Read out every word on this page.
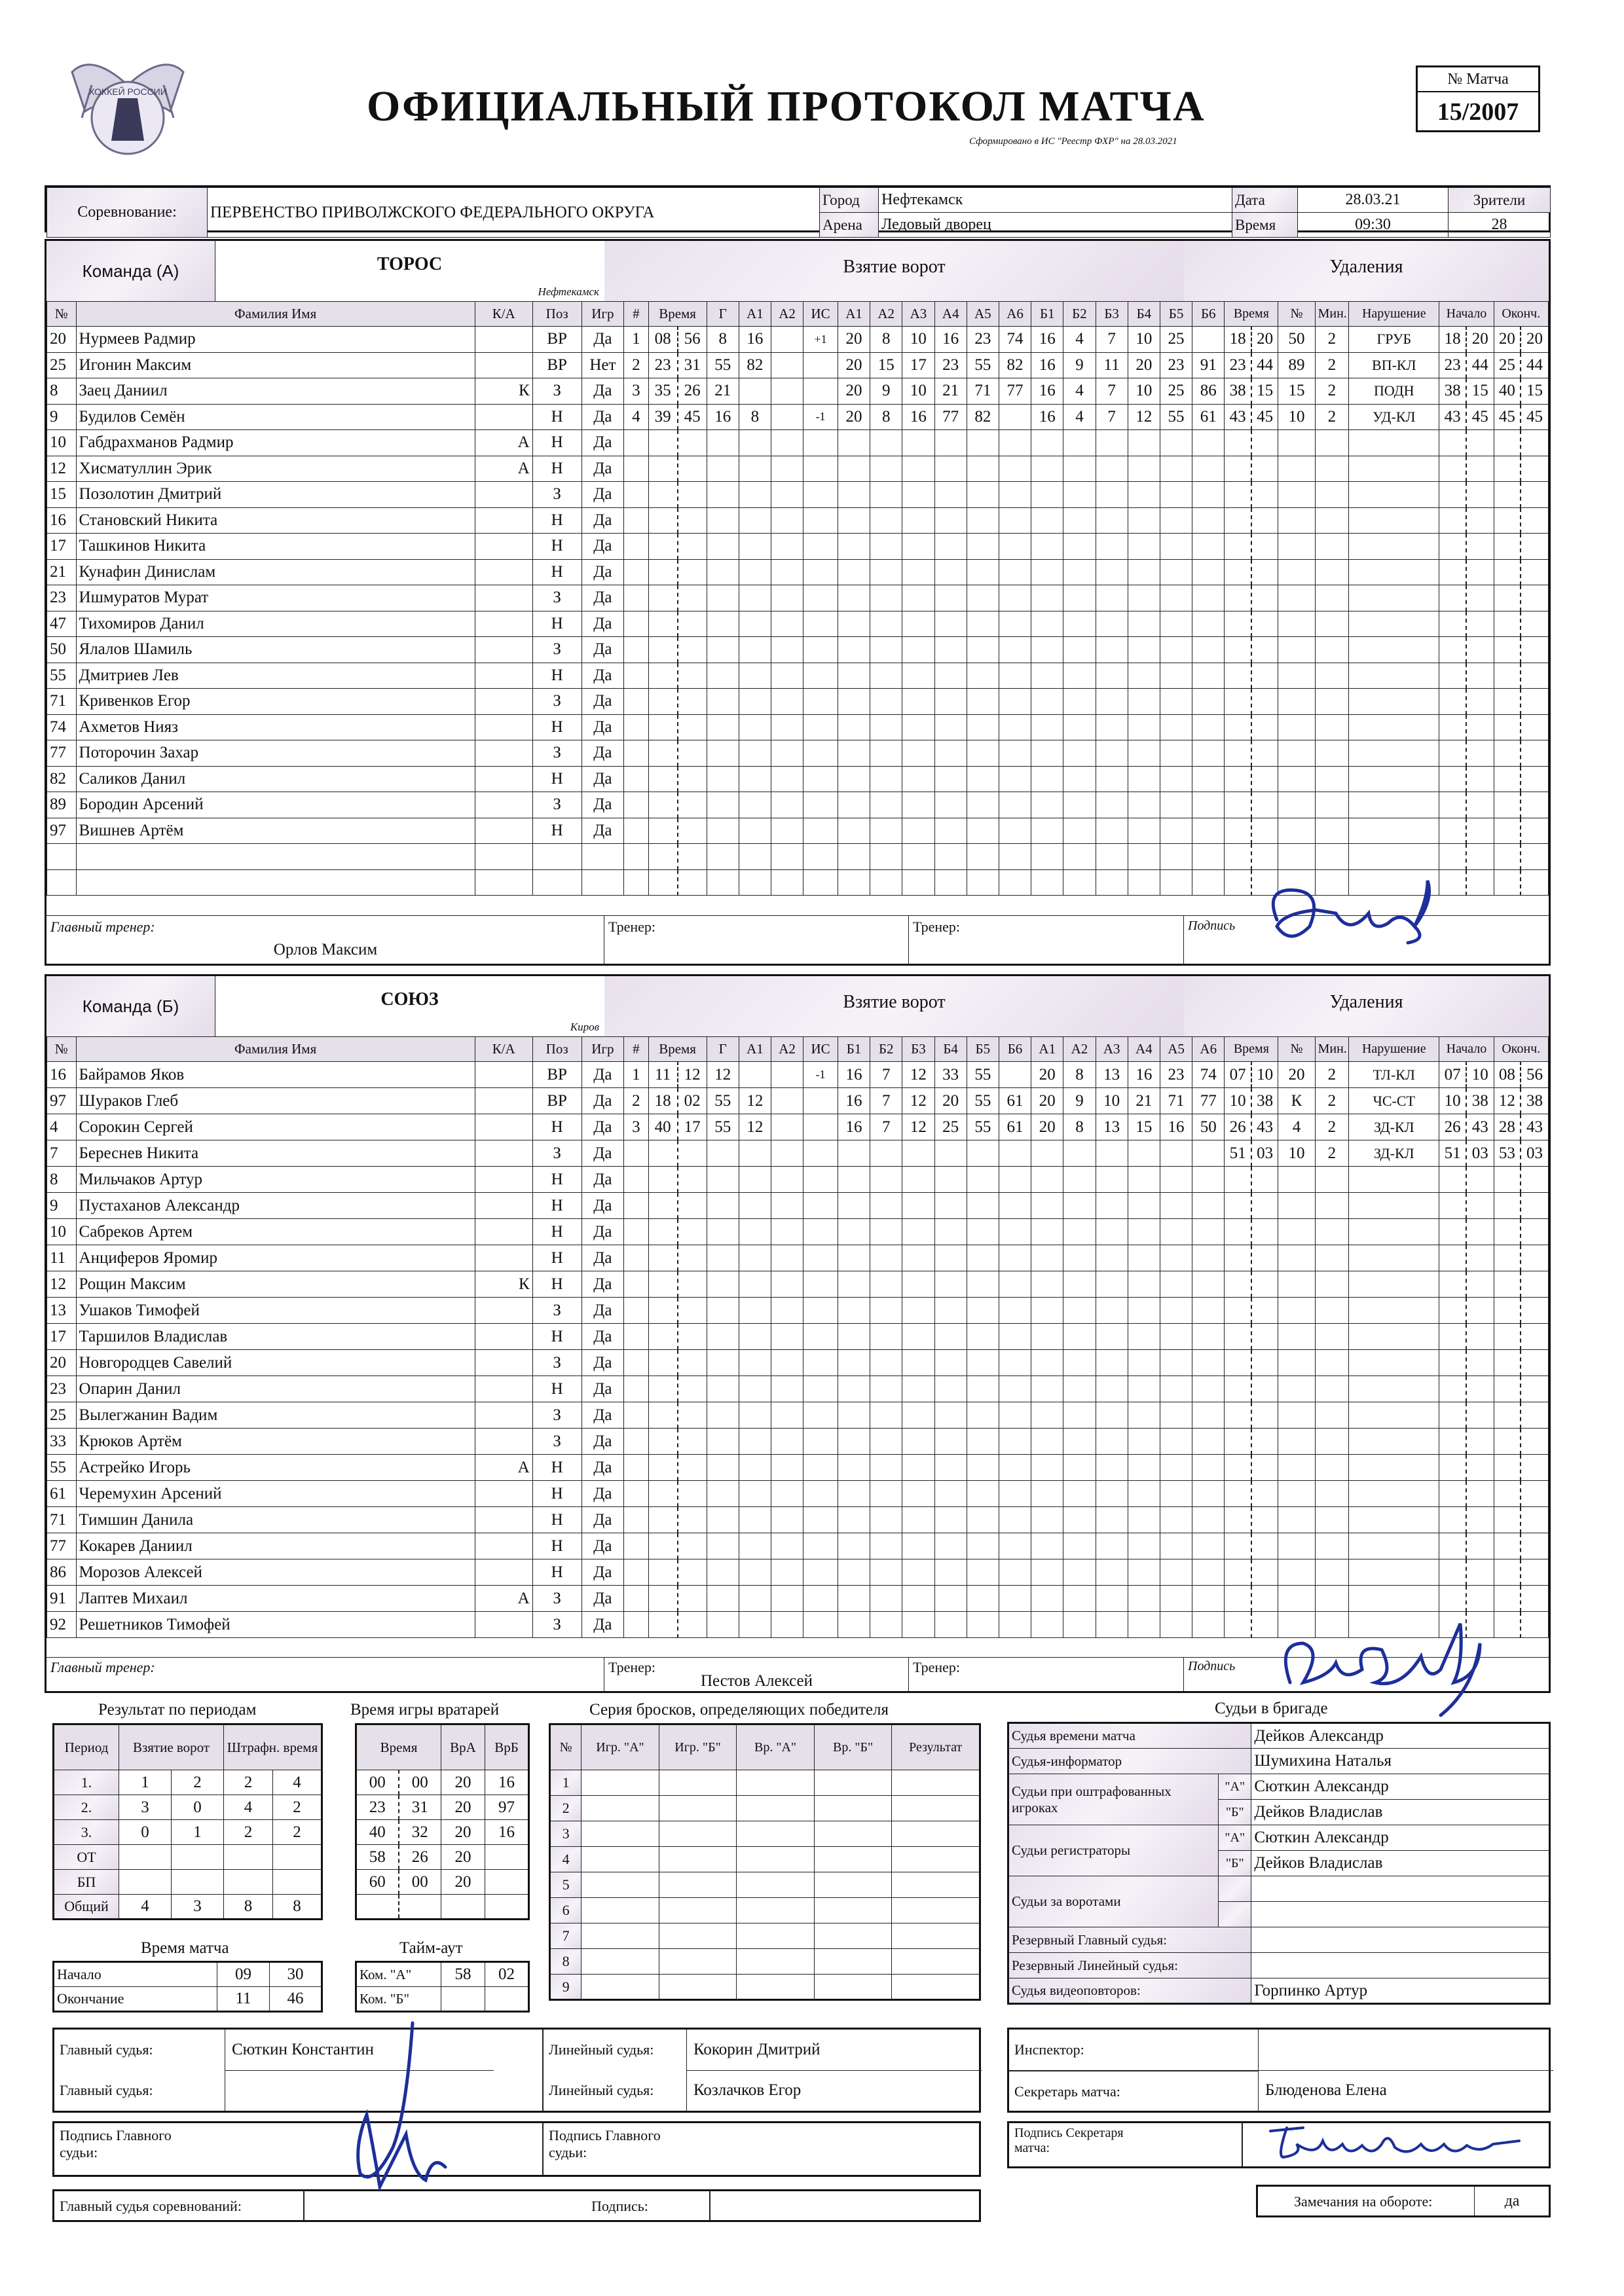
ХОККЕЙ РОССИИ	ОФИЦИАЛЬНЫЙ ПРОТОКОЛ МАТЧА
Сформировано в ИС "Реестр ФХР" на 28.03.2021
№ Матча
15/2007
Соревнование:	ПЕРВЕНСТВО ПРИВОЛЖСКОГО ФЕДЕРАЛЬНОГО ОКРУГА	Город	Нефтекамск	Дата	28.03.21	Зрители
		Арена	Ледовый дворец	Время	09:30	28
Команда (А)	ТОРОС
Нефтекамск
Взятие ворот	Удаления
№	Фамилия Имя	К/А	Поз	Игр	#	Время		Г	А1	А2	ИС	А1	А2	А3	А4	А5	А6	Б1	Б2	Б3	Б4	Б5	Б6	Время		№	Мин.	Нарушение	Начало		Оконч.	
20	Нурмеев Радмир		ВР	Да	1	08	56	8	16		+1	20	8	10	16	23	74	16	4	7	10	25		18	20	50	2	ГРУБ	18	20	20	20
25	Игонин Максим		ВР	Нет	2	23	31	55	82			20	15	17	23	55	82	16	9	11	20	23	91	23	44	89	2	ВП-КЛ	23	44	25	44
8	Заец Даниил	К	З	Да	3	35	26	21				20	9	10	21	71	77	16	4	7	10	25	86	38	15	15	2	ПОДН	38	15	40	15
9	Будилов Семён		Н	Да	4	39	45	16	8		-1	20	8	16	77	82		16	4	7	12	55	61	43	45	10	2	УД-КЛ	43	45	45	45
10	Габдрахманов Радмир	А	Н	Да																												
12	Хисматуллин Эрик	А	Н	Да																												
15	Позолотин Дмитрий		З	Да																												
16	Становский Никита		Н	Да																												
17	Ташкинов Никита		Н	Да																												
21	Кунафин Динислам		Н	Да																												
23	Ишмуратов Мурат		З	Да																												
47	Тихомиров Данил		Н	Да																												
50	Ялалов Шамиль		З	Да																												
55	Дмитриев Лев		Н	Да																												
71	Кривенков Егор		З	Да																												
74	Ахметов Нияз		Н	Да																												
77	Поторочин Захар		З	Да																												
82	Саликов Данил		Н	Да																												
89	Бородин Арсений		З	Да																												
97	Вишнев Артём		Н	Да																												

Главный тренер:
Орлов Максим
Тренер:	Тренер:	Подпись
Команда (Б)	СОЮЗ
Киров
Взятие ворот	Удаления
№	Фамилия Имя	К/А	Поз	Игр	#	Время		Г	А1	А2	ИС	Б1	Б2	Б3	Б4	Б5	Б6	А1	А2	А3	А4	А5	А6	Время		№	Мин.	Нарушение	Начало		Оконч.	
16	Байрамов Яков		ВР	Да	1	11	12	12			-1	16	7	12	33	55		20	8	13	16	23	74	07	10	20	2	ТЛ-КЛ	07	10	08	56
97	Шураков Глеб		ВР	Да	2	18	02	55	12			16	7	12	20	55	61	20	9	10	21	71	77	10	38	К	2	ЧС-СТ	10	38	12	38
4	Сорокин Сергей		Н	Да	3	40	17	55	12			16	7	12	25	55	61	20	8	13	15	16	50	26	43	4	2	ЗД-КЛ	26	43	28	43
7	Береснев Никита		З	Да																				51	03	10	2	ЗД-КЛ	51	03	53	03
8	Мильчаков Артур		Н	Да																												
9	Пустаханов Александр		Н	Да																												
10	Сабреков Артем		Н	Да																												
11	Анциферов Яромир		Н	Да																												
12	Рощин Максим	К	Н	Да																												
13	Ушаков Тимофей		З	Да																												
17	Таршилов Владислав		Н	Да																												
20	Новгородцев Савелий		З	Да																												
23	Опарин Данил		Н	Да																												
25	Вылегжанин Вадим		З	Да																												
33	Крюков Артём		З	Да																												
55	Астрейко Игорь	А	Н	Да																												
61	Черемухин Арсений		Н	Да																												
71	Тимшин Данила		Н	Да																												
77	Кокарев Даниил		Н	Да																												
86	Морозов Алексей		Н	Да																												
91	Лаптев Михаил	А	З	Да																												
92	Решетников Тимофей		З	Да																												
Главный тренер:	Тренер:
Пестов Алексей
Тренер:	Подпись
Результат по периодам
Период	Взятие ворот		Штрафн. время	
1.	1	2	2	4
2.	3	0	4	2
3.	0	1	2	2
ОТ				
БП				
Общий	4	3	8	8
Время матча
Начало	09	30
Окончание	11	46
Время игры вратарей
Время		ВрА	ВрБ
00	00	20	16
23	31	20	97
40	32	20	16
58	26	20	
60	00	20	

Тайм-аут
Ком. "А"	58	02
Ком. "Б"		
Серия бросков, определяющих победителя
№	Игр. "А"	Игр. "Б"	Вр. "А"	Вр. "Б"	Результат
1					
2					
3					
4					
5					
6					
7					
8					
9					
Судьи в бригаде
Судья времени матча		Дейков Александр
Судья-информатор		Шумихина Наталья
Судьи при оштрафованных игроках	"А"	Сюткин Александр
	"Б"	Дейков Владислав
Судьи регистраторы	"А"	Сюткин Александр
	"Б"	Дейков Владислав
Судьи за воротами		

Резервный Главный судья:		
Резервный Линейный судья:		
Судья видеоповторов:		Горпинко Артур
Главный судья:	Сюткин Константин
Главный судья:
Линейный судья:	Кокорин Дмитрий
Линейный судья:	Козлачков Егор
Подпись Главного судьи:
Подпись Главного судьи:
Главный судья соревнований:	Подпись:
Инспектор:
Секретарь матча:	Блюденова Елена
Подпись Секретаря матча:
Замечания на обороте:	да
